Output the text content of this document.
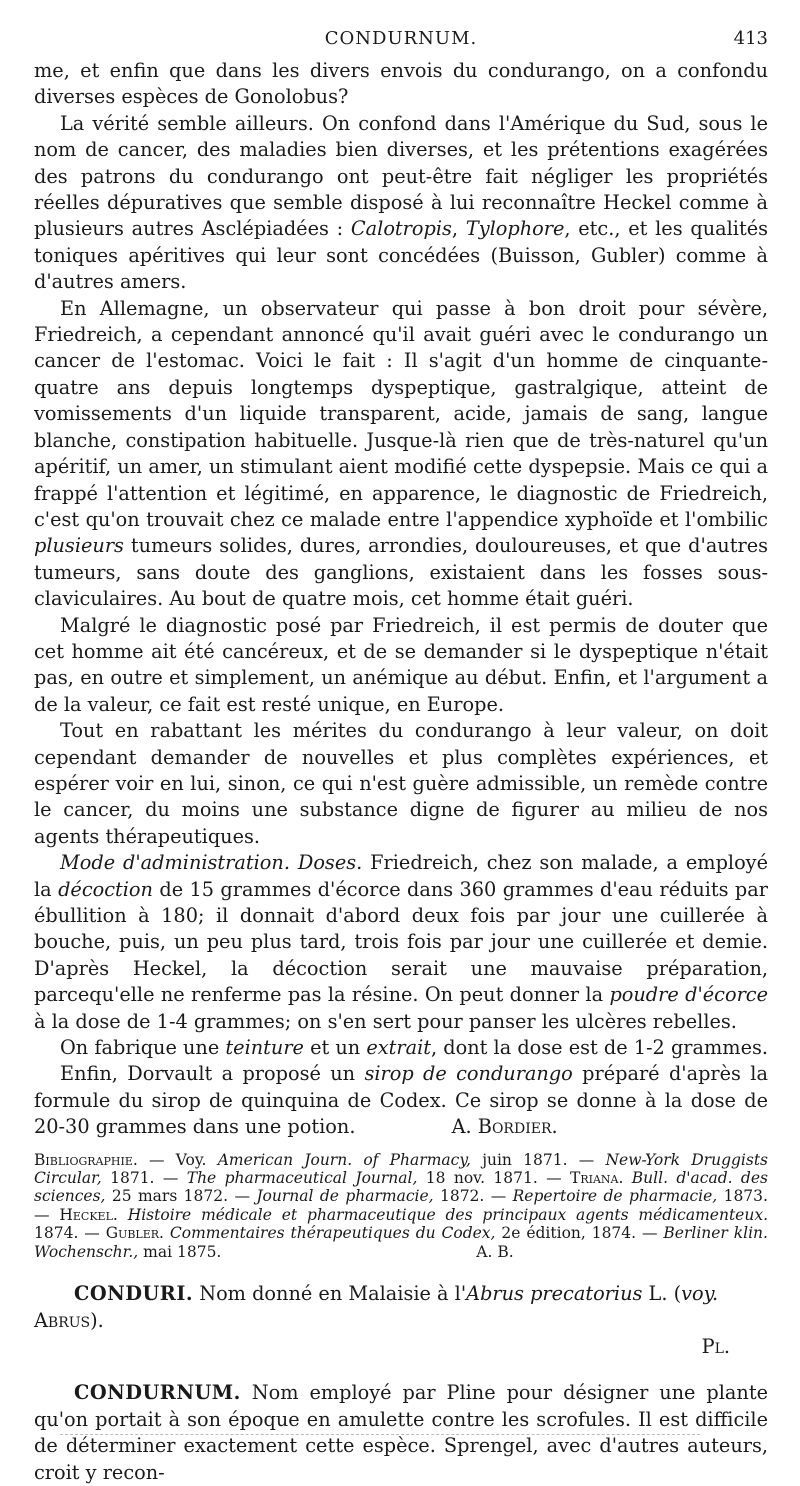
CONDURNUM.	413

me, et enfin que dans les divers envois du condurango, on a confondu diverses espèces de Gonolobus?

La vérité semble ailleurs. On confond dans l'Amérique du Sud, sous le nom de cancer, des maladies bien diverses, et les prétentions exagérées des patrons du condurango ont peut-être fait négliger les propriétés réelles dépuratives que semble disposé à lui reconnaître Heckel comme à plusieurs autres Asclépiadées : Calotropis, Tylophore, etc., et les qualités toniques apéritives qui leur sont concédées (Buisson, Gubler) comme à d'autres amers.

En Allemagne, un observateur qui passe à bon droit pour sévère, Friedreich, a cependant annoncé qu'il avait guéri avec le condurango un cancer de l'estomac. Voici le fait : Il s'agit d'un homme de cinquante-quatre ans depuis longtemps dyspeptique, gastralgique, atteint de vomissements d'un liquide transparent, acide, jamais de sang, langue blanche, constipation habituelle. Jusque-là rien que de très-naturel qu'un apéritif, un amer, un stimulant aient modifié cette dyspepsie. Mais ce qui a frappé l'attention et légitimé, en apparence, le diagnostic de Friedreich, c'est qu'on trouvait chez ce malade entre l'appendice xyphoïde et l'ombilic plusieurs tumeurs solides, dures, arrondies, douloureuses, et que d'autres tumeurs, sans doute des ganglions, existaient dans les fosses sous-claviculaires. Au bout de quatre mois, cet homme était guéri.

Malgré le diagnostic posé par Friedreich, il est permis de douter que cet homme ait été cancéreux, et de se demander si le dyspeptique n'était pas, en outre et simplement, un anémique au début. Enfin, et l'argument a de la valeur, ce fait est resté unique, en Europe.

Tout en rabattant les mérites du condurango à leur valeur, on doit cependant demander de nouvelles et plus complètes expériences, et espérer voir en lui, sinon, ce qui n'est guère admissible, un remède contre le cancer, du moins une substance digne de figurer au milieu de nos agents thérapeutiques.

Mode d'administration. Doses. Friedreich, chez son malade, a employé la décoction de 15 grammes d'écorce dans 360 grammes d'eau réduits par ébullition à 180; il donnait d'abord deux fois par jour une cuillerée à bouche, puis, un peu plus tard, trois fois par jour une cuillerée et demie. D'après Heckel, la décoction serait une mauvaise préparation, parcequ'elle ne renferme pas la résine. On peut donner la poudre d'écorce à la dose de 1-4 grammes; on s'en sert pour panser les ulcères rebelles.

On fabrique une teinture et un extrait, dont la dose est de 1-2 grammes.

Enfin, Dorvault a proposé un sirop de condurango préparé d'après la formule du sirop de quinquina de Codex. Ce sirop se donne à la dose de 20-30 grammes dans une potion.	A. Bordier.

Bibliographie. — Voy. American Journ. of Pharmacy, juin 1871. — New-York Druggists Circular, 1871. — The pharmaceutical Journal, 18 nov. 1871. — Triana. Bull. d'acad. des sciences, 25 mars 1872. — Journal de pharmacie, 1872. — Repertoire de pharmacie, 1873. — Heckel. Histoire médicale et pharmaceutique des principaux agents médicamenteux. 1874. — Gubler. Commentaires thérapeutiques du Codex, 2e édition, 1874. — Berliner klin. Wochenschr., mai 1875.	A. B.
CONDURI. Nom donné en Malaisie à l'Abrus precatorius L. (voy. Abrus).
Pl.

CONDURNUM. Nom employé par Pline pour désigner une plante qu'on portait à son époque en amulette contre les scrofules. Il est difficile de déterminer exactement cette espèce. Sprengel, avec d'autres auteurs, croit y recon-
